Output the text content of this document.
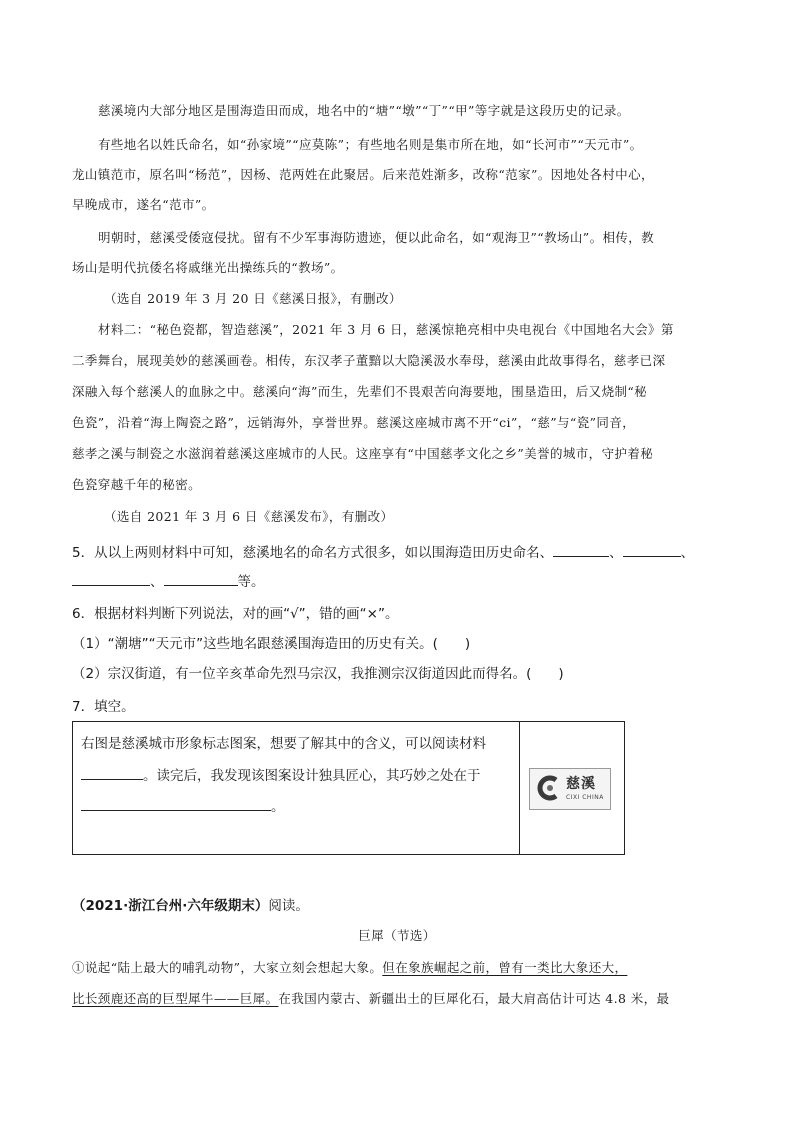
慈溪境内大部分地区是围海造田而成，地名中的“塘”“墩”“丁”“甲”等字就是这段历史的记录。
有些地名以姓氏命名，如“孙家境”“应莫陈”；有些地名则是集市所在地，如“长河市”“天元市”。
龙山镇范市，原名叫“杨范”，因杨、范两姓在此聚居。后来范姓渐多，改称“范家”。因地处各村中心，
早晚成市，遂名“范市”。
明朝时，慈溪受倭寇侵扰。留有不少军事海防遗迹，便以此命名，如“观海卫”“教场山”。相传，教
场山是明代抗倭名将戚继光出操练兵的“教场”。
（选自 2019 年 3 月 20 日《慈溪日报》，有删改）
材料二：“秘色瓷都，智造慈溪”，2021 年 3 月 6 日，慈溪惊艳亮相中央电视台《中国地名大会》第
二季舞台，展现美妙的慈溪画卷。相传，东汉孝子董黯以大隐溪汲水奉母，慈溪由此故事得名，慈孝已深
深融入每个慈溪人的血脉之中。慈溪向“海”而生，先辈们不畏艰苦向海要地，围垦造田，后又烧制“秘
色瓷”，沿着“海上陶瓷之路”，远销海外，享誉世界。慈溪这座城市离不开“ci”，“慈”与“瓷”同音，
慈孝之溪与制瓷之水滋润着慈溪这座城市的人民。这座享有“中国慈孝文化之乡”美誉的城市，守护着秘
色瓷穿越千年的秘密。
（选自 2021 年 3 月 6 日《慈溪发布》，有删改）
5．从以上两则材料中可知，慈溪地名的命名方式很多，如以围海造田历史命名、	、	、
、	等。
6．根据材料判断下列说法，对的画“√”，错的画“×”。
（1）“潮塘”“天元市”这些地名跟慈溪围海造田的历史有关。(　　)
（2）宗汉街道，有一位辛亥革命先烈马宗汉，我推测宗汉街道因此而得名。(　　)
7．填空。
右图是慈溪城市形象标志图案，想要了解其中的含义，可以阅读材料
。读完后，我发现该图案设计独具匠心，其巧妙之处在于
。
慈溪
CIXI CHINA
（2021·浙江台州·六年级期末）阅读。
巨犀（节选）
①说起“陆上最大的哺乳动物”，大家立刻会想起大象。但在象族崛起之前，曾有一类比大象还大，
比长颈鹿还高的巨型犀牛——巨犀。在我国内蒙古、新疆出土的巨犀化石，最大肩高估计可达 4.8 米，最
